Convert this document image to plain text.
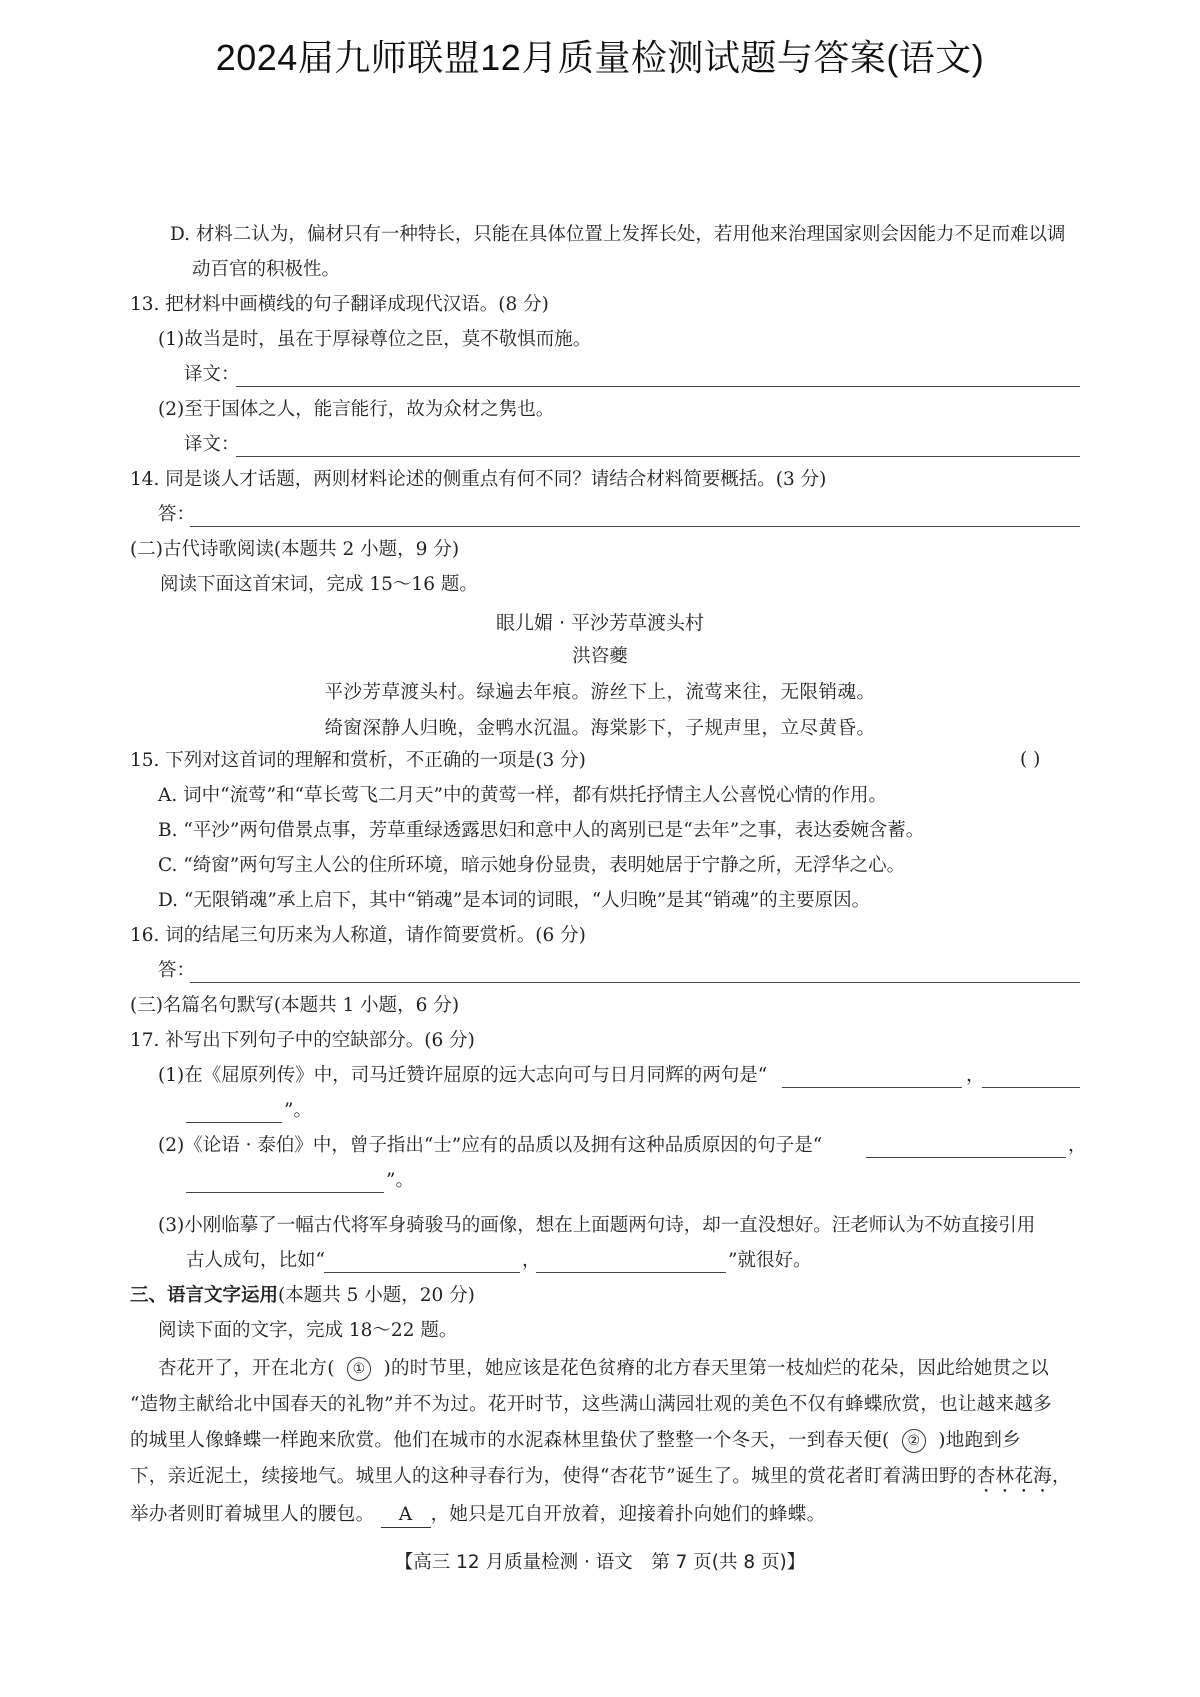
2024届九师联盟12月质量检测试题与答案(语文)
D. 材料二认为，偏材只有一种特长，只能在具体位置上发挥长处，若用他来治理国家则会因能力不足而难以调
动百官的积极性。
13. 把材料中画横线的句子翻译成现代汉语。(8 分)
(1)故当是时，虽在于厚禄尊位之臣，莫不敬惧而施。
译文：
(2)至于国体之人，能言能行，故为众材之隽也。
译文：
14. 同是谈人才话题，两则材料论述的侧重点有何不同？请结合材料简要概括。(3 分)
答：
(二)古代诗歌阅读(本题共 2 小题，9 分)
眼儿媚 · 平沙芳草渡头村
洪咨夔
平沙芳草渡头村。绿遍去年痕。游丝下上，流莺来往，无限销魂。
绮窗深静人归晚，金鸭水沉温。海棠影下，子规声里，立尽黄昏。
15. 下列对这首词的理解和赏析，不正确的一项是(3 分)	( )
A. 词中“流莺”和“草长莺飞二月天”中的黄莺一样，都有烘托抒情主人公喜悦心情的作用。
B. “平沙”两句借景点事，芳草重绿透露思妇和意中人的离别已是“去年”之事，表达委婉含蓄。
C. “绮窗”两句写主人公的住所环境，暗示她身份显贵，表明她居于宁静之所，无浮华之心。
D. “无限销魂”承上启下，其中“销魂”是本词的词眼，“人归晚”是其“销魂”的主要原因。
16. 词的结尾三句历来为人称道，请作简要赏析。(6 分)
答：
(三)名篇名句默写(本题共 1 小题，6 分)
17. 补写出下列句子中的空缺部分。(6 分)
(1)在《屈原列传》中，司马迁赞许屈原的远大志向可与日月同辉的两句是“	，
”。
(2)《论语 · 泰伯》中，曾子指出“士”应有的品质以及拥有这种品质原因的句子是“	，
”。
(3)小刚临摹了一幅古代将军身骑骏马的画像，想在上面题两句诗，却一直没想好。汪老师认为不妨直接引用
古人成句，比如“	，	”就很好。
三、语言文字运用(本题共 5 小题，20 分)
阅读下面的文字，完成 18～22 题。
杏花开了，开在北方( ① )的时节里，她应该是花色贫瘠的北方春天里第一枝灿烂的花朵，因此给她贯之以
“造物主献给北中国春天的礼物”并不为过。花开时节，这些满山满园壮观的美色不仅有蜂蝶欣赏，也让越来越多
的城里人像蜂蝶一样跑来欣赏。他们在城市的水泥森林里蛰伏了整整一个冬天，一到春天便( ② )地跑到乡
下，亲近泥土，续接地气。城里人的这种寻春行为，使得“杏花节”诞生了。城里的赏花者盯着满田野的杏林花海，
举办者则盯着城里人的腰包。 A ，她只是兀自开放着，迎接着扑向她们的蜂蝶。
【高三 12 月质量检测 · 语文　第 7 页(共 8 页)】
阅读下面这首宋词，完成 15～16 题。
